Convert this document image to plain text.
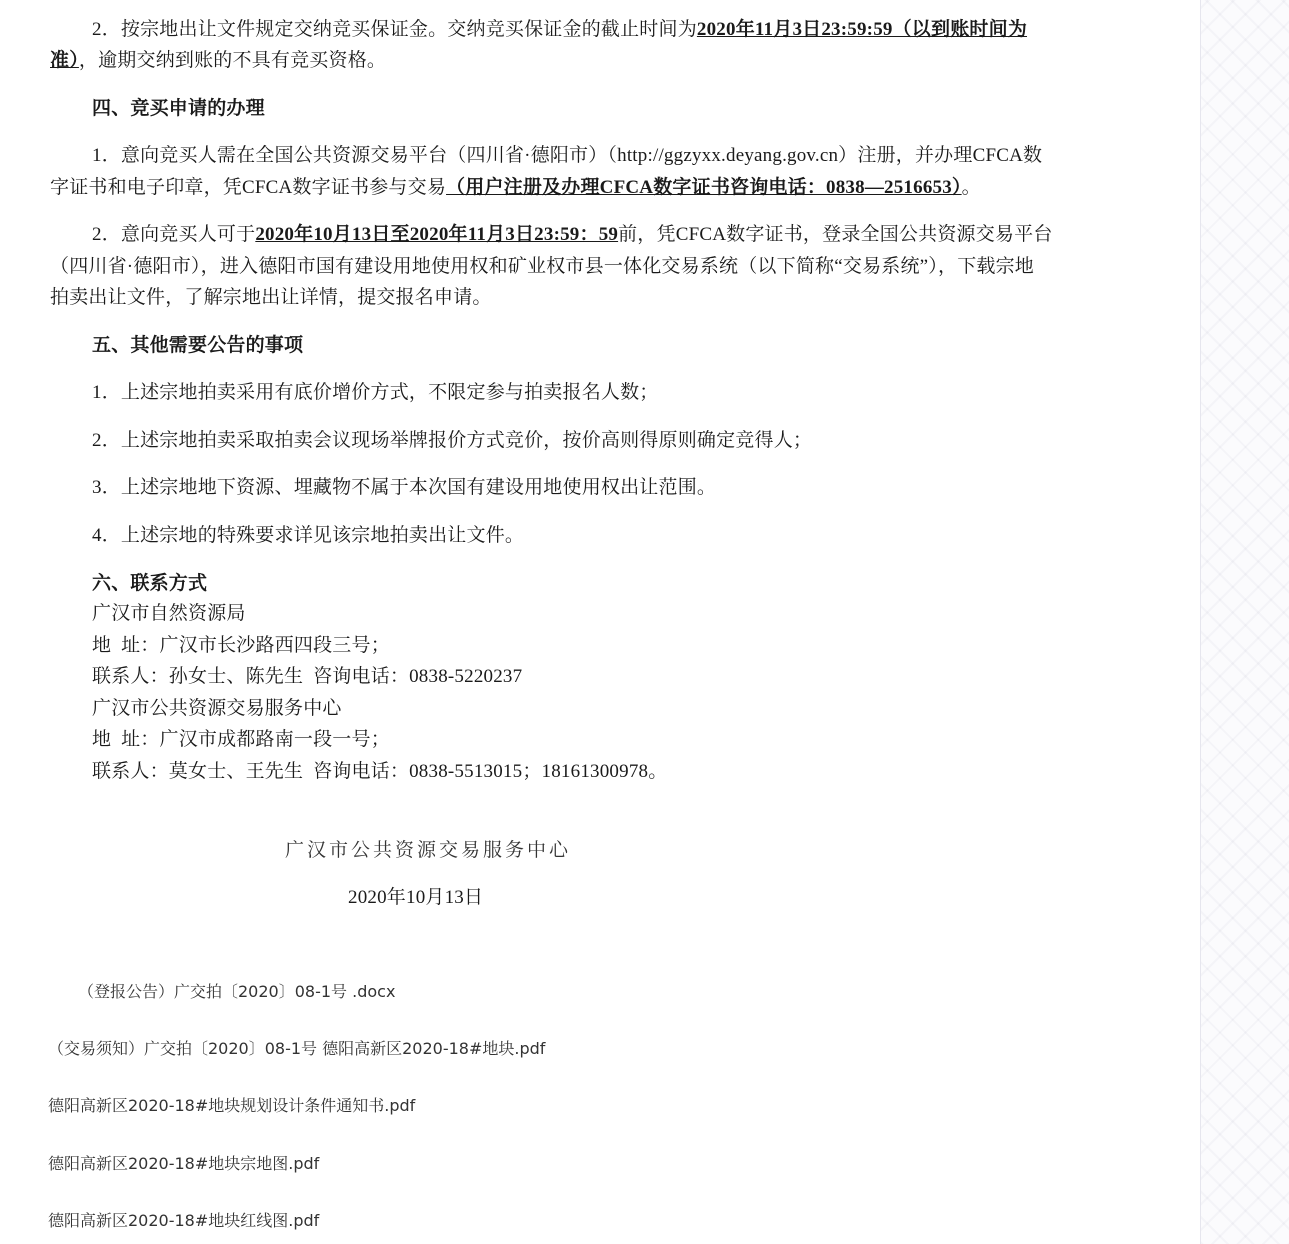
2．按宗地出让文件规定交纳竞买保证金。交纳竞买保证金的截止时间为2020年11月3日23:59:59（以到账时间为
准），逾期交纳到账的不具有竞买资格。
四、竞买申请的办理
1．意向竞买人需在全国公共资源交易平台（四川省·德阳市）（http://ggzyxx.deyang.gov.cn）注册，并办理CFCA数
字证书和电子印章，凭CFCA数字证书参与交易（用户注册及办理CFCA数字证书咨询电话：0838—2516653）。
2．意向竞买人可于2020年10月13日至2020年11月3日23:59：59前，凭CFCA数字证书，登录全国公共资源交易平台
（四川省·德阳市），进入德阳市国有建设用地使用权和矿业权市县一体化交易系统（以下简称“交易系统”），下载宗地
拍卖出让文件，了解宗地出让详情，提交报名申请。
五、其他需要公告的事项
1．上述宗地拍卖采用有底价增价方式，不限定参与拍卖报名人数；
2．上述宗地拍卖采取拍卖会议现场举牌报价方式竞价，按价高则得原则确定竞得人；
3．上述宗地地下资源、埋藏物不属于本次国有建设用地使用权出让范围。
4．上述宗地的特殊要求详见该宗地拍卖出让文件。
六、联系方式
广汉市自然资源局
地  址：广汉市长沙路西四段三号；
联系人：孙女士、陈先生  咨询电话：0838-5220237
广汉市公共资源交易服务中心
地  址：广汉市成都路南一段一号；
联系人：莫女士、王先生  咨询电话：0838-5513015；18161300978。
广汉市公共资源交易服务中心
2020年10月13日
（登报公告）广交拍〔2020〕08-1号 .docx
（交易须知）广交拍〔2020〕08-1号 德阳高新区2020-18#地块.pdf
德阳高新区2020-18#地块规划设计条件通知书.pdf
德阳高新区2020-18#地块宗地图.pdf
德阳高新区2020-18#地块红线图.pdf
